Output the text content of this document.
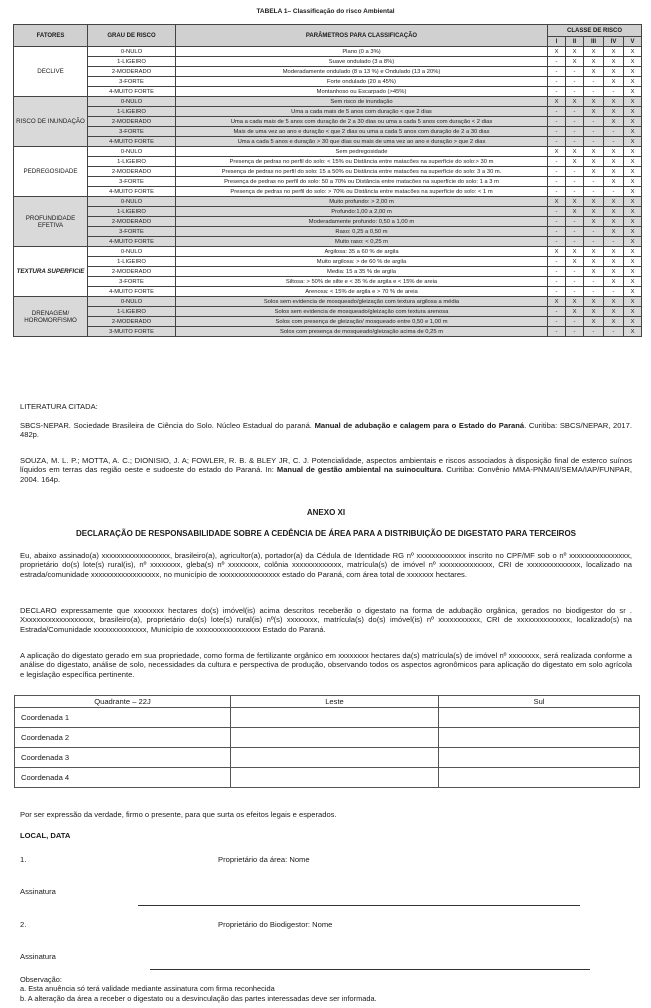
TABELA 1– Classificação do risco Ambiental
FATORES	GRAU DE RISCO	PARÂMETROS PARA CLASSIFICAÇÃO	CLASSE DE RISCO				
			I	II	III	IV	V
DECLIVE	0-NULO	Plano (0 a 3%)	X	X	X	X	X
	1-LIGEIRO	Suave ondulado (3 a 8%)	-	X	X	X	X
	2-MODERADO	Moderadamente ondulado (8 a 13 %) e Ondulado (13 a 20%)	-	-	X	X	X
	3-FORTE	Forte ondulado (20 a 45%)	-	-	-	X	X
	4-MUITO FORTE	Montanhoso ou Escarpado (>45%)	-	-	-	-	X
RISCO DE INUNDAÇÃO	0-NULO	Sem risco de inundação	X	X	X	X	X
	1-LIGEIRO	Uma a cada mais de 5 anos com duração < que 2 dias	-	-	X	X	X
	2-MODERADO	Uma a cada mais de 5 anos com duração de 2 a 30 dias ou uma a cada 5 anos com duração < 2 dias	-	-	-	X	X
	3-FORTE	Mais de uma vez ao ano e duração < que 2 dias ou uma a cada 5 anos com duração de 2 a 30 dias	-	-	-	-	X
	4-MUITO FORTE	Uma a cada 5 anos e duração > 30 que dias ou mais de uma vez ao ano e duração > que 2 dias	-	-	-	-	X
PEDREGOSIDADE	0-NULO	Sem pedregosidade	X	X	X	X	X
	1-LIGEIRO	Presença de pedras no perfil do solo: < 15% ou Distância entre matacões na superfície do solo:> 30 m	-	X	X	X	X
	2-MODERADO	Presença de pedras no perfil do solo: 15 a 50% ou Distância entre matacões na superfície do solo: 3 a 30 m.	-	-	X	X	X
	3-FORTE	Presença de pedras no perfil do solo: 50 a 70% ou Distância entre matacões na superfície do solo: 1 a 3 m	-	-	-	X	X
	4-MUITO FORTE	Presença de pedras no perfil do solo: > 70% ou Distância entre matacões na superfície do solo: < 1 m	-	-	-	-	X
PROFUNDIDADE EFETIVA	0-NULO	Muito profundo: > 2,00 m	X	X	X	X	X
	1-LIGEIRO	Profundo:1,00 a 2,00 m	-	X	X	X	X
	2-MODERADO	Moderadamente profundo: 0,50 a 1,00 m	-	-	X	X	X
	3-FORTE	Raso: 0,25 a 0,50 m	-	-	-	X	X
	4-MUITO FORTE	Muito raso: < 0,25 m	-	-	-	-	X
TEXTURA SUPERFICIE	0-NULO	Argilosa: 35 a 60 % de argila	X	X	X	X	X
	1-LIGEIRO	Muito argilosa: > de 60 % de argila	-	X	X	X	X
	2-MODERADO	Media: 15 a 35 % de argila	-	-	X	X	X
	3-FORTE	Siltosa: > 50% de silte e < 35 % de argila e < 15% de areia	-	-	-	X	X
	4-MUITO FORTE	Arenosa: < 15% de argila e > 70 % de areia	-	-	-	-	X
DRENAGEM/ HOROMORFISMO	0-NULO	Solos sem evidencia de mosqueado/gleização com textura argilosa a média	X	X	X	X	X
	1-LIGEIRO	Solos sem evidencia de mosqueado/gleização com textura arenosa	-	X	X	X	X
	2-MODERADO	Solos com presença de gleização/ mosqueado entre 0,50 e 1,00 m	-	-	X	X	X
	3-MUITO FORTE	Solos com presença de mosqueado/gleização acima de 0,25 m	-	-	-	-	X
LITERATURA CITADA:
SBCS-NEPAR. Sociedade Brasileira de Ciência do Solo. Núcleo Estadual do paraná. Manual de adubação e calagem para o Estado do Paraná. Curitiba: SBCS/NEPAR, 2017. 482p.
SOUZA, M. L. P.; MOTTA, A. C.; DIONISIO, J. A; FOWLER, R. B. & BLEY JR, C. J. Potencialidade, aspectos ambientais e riscos associados à disposição final de esterco suínos líquidos em terras das região oeste e sudoeste do estado do Paraná. In: Manual de gestão ambiental na suinocultura. Curitiba: Convênio MMA-PNMAII/SEMA/IAP/FUNPAR, 2004. 164p.
ANEXO XI
DECLARAÇÃO DE RESPONSABILIDADE SOBRE A CEDÊNCIA DE ÁREA PARA A DISTRIBUIÇÃO DE DIGESTATO PARA TERCEIROS
Eu, abaixo assinado(a) xxxxxxxxxxxxxxxxxx, brasileiro(a), agricultor(a), portador(a) da Cédula de Identidade RG nº xxxxxxxxxxxxx inscrito no CPF/MF sob o nº xxxxxxxxxxxxxxxx, proprietário do(s) lote(s) rural(is), nº xxxxxxxx, gleba(s) nº xxxxxxxx, colônia xxxxxxxxxxxxx, matrícula(s) de imóvel nº xxxxxxxxxxxxxx, CRI de xxxxxxxxxxxxxx, localizado na estrada/comunidade xxxxxxxxxxxxxxxxxx, no município de xxxxxxxxxxxxxxxx estado do Paraná, com área total de xxxxxxx hectares.
DECLARO expressamente que xxxxxxxx hectares do(s) imóvel(is) acima descritos receberão o digestato na forma de adubação orgânica, gerados no biodigestor do sr . Xxxxxxxxxxxxxxxxxxx, brasileiro(a), proprietário do(s) lote(s) rural(is) nº(s) xxxxxxxx, matrícula(s) do(s) imóvel(is) nº xxxxxxxxxxx, CRI de xxxxxxxxxxxxxx, localizado(s) na Estrada/Comunidade xxxxxxxxxxxxxx, Município de xxxxxxxxxxxxxxxxx Estado do Paraná.
A aplicação do digestato gerado em sua propriedade, como forma de fertilizante orgânico em xxxxxxxx hectares da(s) matrícula(s) de imóvel nº xxxxxxxx, será realizada conforme a análise do digestato, análise de solo, necessidades da cultura e perspectiva de produção, observando todos os aspectos agronômicos para aplicação do digestato em solo agrícola e legislação específica pertinente.
Quadrante – 22J	Leste	Sul
Coordenada 1		
Coordenada 2		
Coordenada 3		
Coordenada 4		
Por ser expressão da verdade, firmo o presente, para que surta os efeitos legais e esperados.
LOCAL, DATA
1.	Proprietário da área: Nome
Assinatura
2.	Proprietário do Biodigestor: Nome
Assinatura
Observação:
a. Esta anuência só terá validade mediante assinatura com firma reconhecida
b. A alteração da área a receber o digestato ou a desvinculação das partes interessadas deve ser informada.
